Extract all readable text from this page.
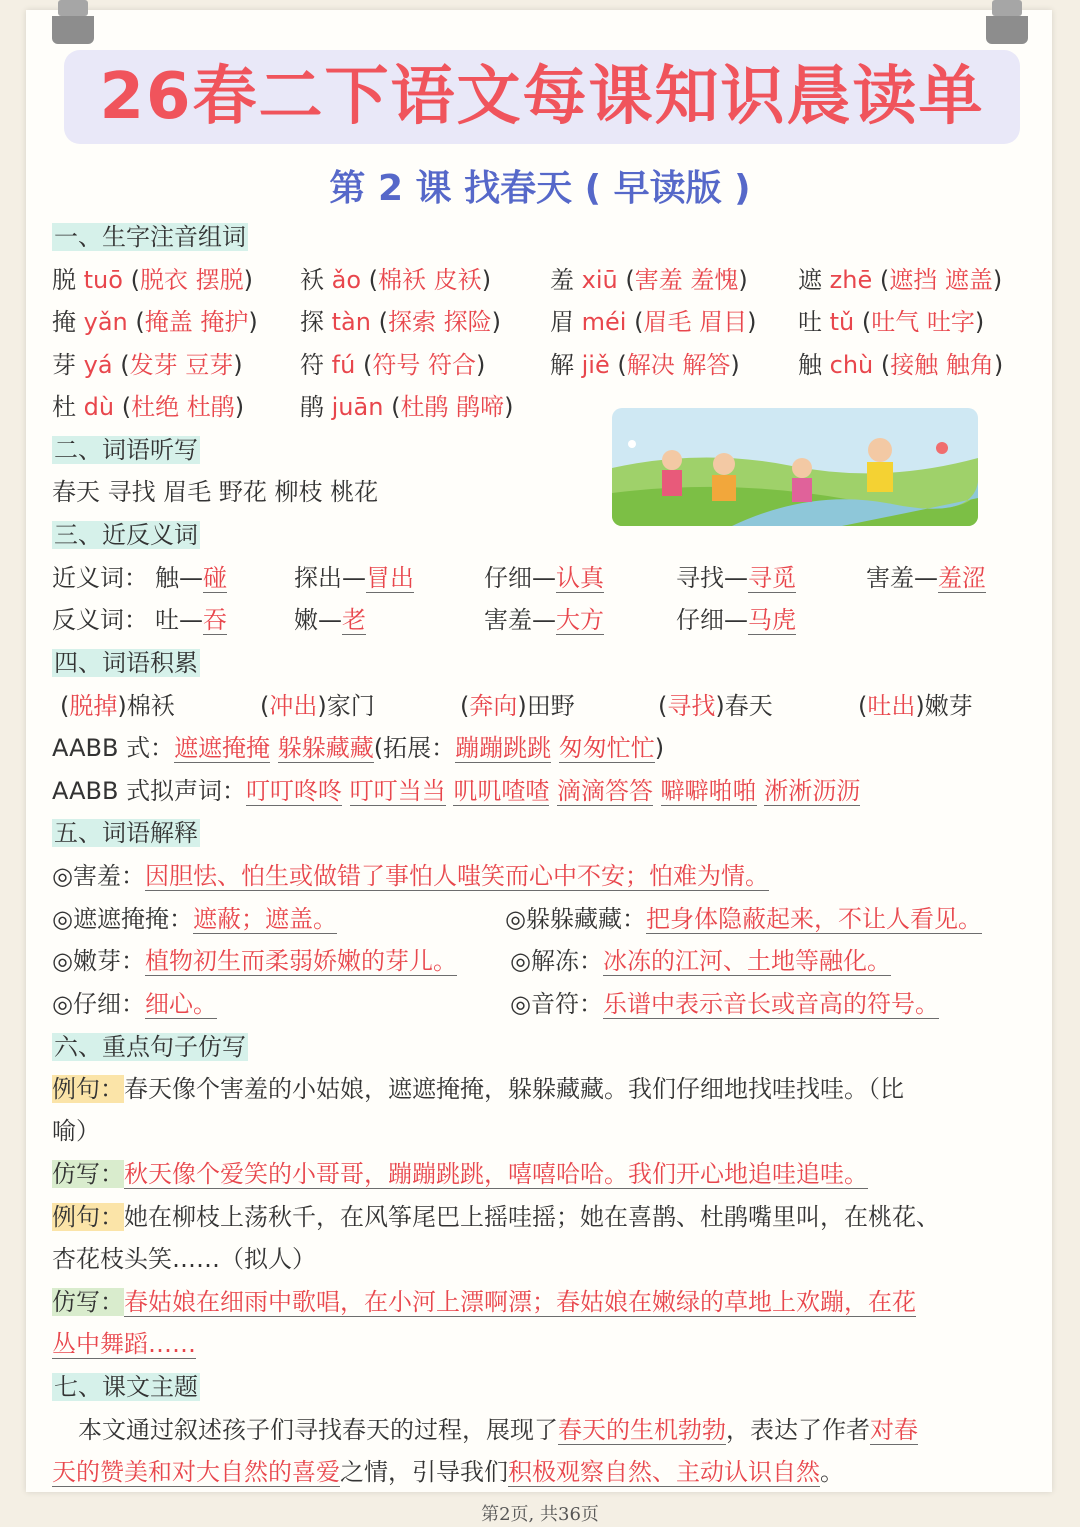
26春二下语文每课知识晨读单
第 2 课 找春天 ( 早读版 )
一、生字注音组词
脱 tuō (脱衣 摆脱) 袄 ǎo (棉袄 皮袄) 羞 xiū (害羞 羞愧) 遮 zhē (遮挡 遮盖)
掩 yǎn (掩盖 掩护) 探 tàn (探索 探险) 眉 méi (眉毛 眉目) 吐 tǔ (吐气 吐字)
芽 yá (发芽 豆芽) 符 fú (符号 符合)	解 jiě (解决 解答) 触 chù (接触 触角)
杜 dù (杜绝 杜鹃) 鹃 juān (杜鹃 鹃啼)
二、词语听写
春天 寻找 眉毛 野花 柳枝 桃花
三、近反义词
近义词： 触—碰	探出—冒出	仔细—认真	寻找—寻觅	害羞—羞涩
反义词： 吐—吞	嫩—老	害羞—大方	仔细—马虎
四、词语积累
(脱掉)棉袄	(冲出)家门	(奔向)田野	(寻找)春天	(吐出)嫩芽
AABB 式：遮遮掩掩 躲躲藏藏(拓展：蹦蹦跳跳 匆匆忙忙)
AABB 式拟声词：叮叮咚咚 叮叮当当 叽叽喳喳 滴滴答答 噼噼啪啪 淅淅沥沥
五、词语解释
◎害羞：因胆怯、怕生或做错了事怕人嗤笑而心中不安；怕难为情。
◎遮遮掩掩：遮蔽；遮盖。	◎躲躲藏藏：把身体隐蔽起来，不让人看见。
◎嫩芽：植物初生而柔弱娇嫩的芽儿。 ◎解冻：冰冻的江河、土地等融化。
◎仔细：细心。	◎音符：乐谱中表示音长或音高的符号。
六、重点句子仿写
例句：春天像个害羞的小姑娘，遮遮掩掩，躲躲藏藏。我们仔细地找哇找哇。（比
喻）
仿写：秋天像个爱笑的小哥哥，蹦蹦跳跳，嘻嘻哈哈。我们开心地追哇追哇。
例句：她在柳枝上荡秋千，在风筝尾巴上摇哇摇；她在喜鹊、杜鹃嘴里叫，在桃花、
杏花枝头笑……（拟人）
仿写：春姑娘在细雨中歌唱，在小河上漂啊漂；春姑娘在嫩绿的草地上欢蹦，在花
丛中舞蹈……
七、课文主题
本文通过叙述孩子们寻找春天的过程，展现了春天的生机勃勃，表达了作者对春
天的赞美和对大自然的喜爱之情，引导我们积极观察自然、主动认识自然。
第2页, 共36页
